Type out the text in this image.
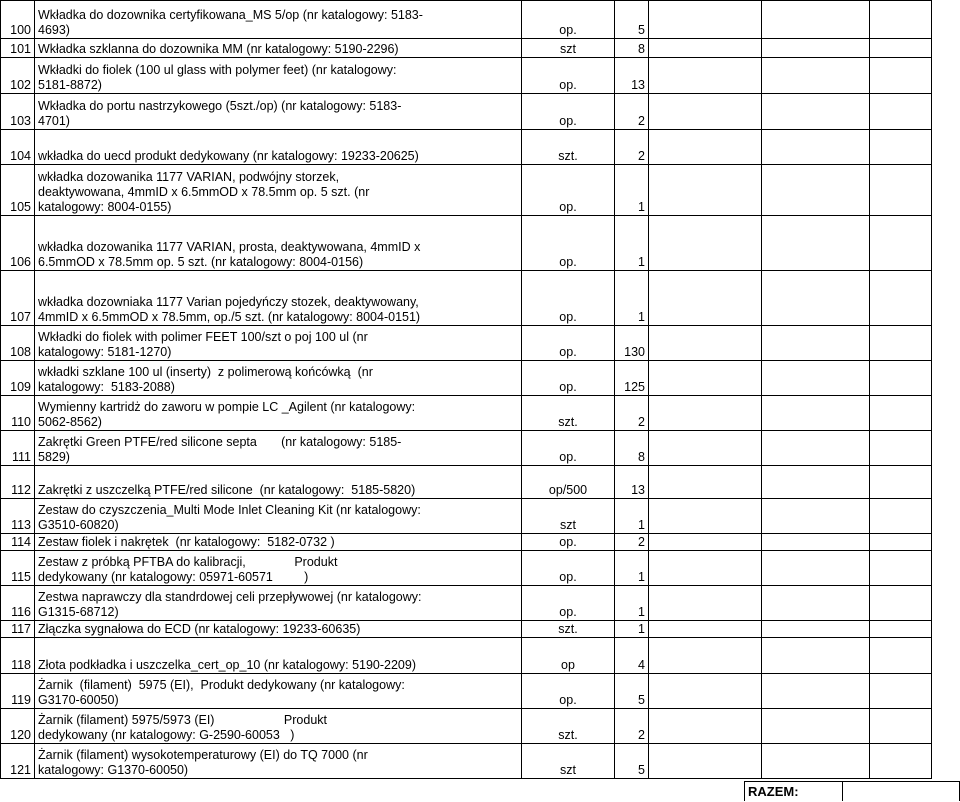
100	Wkładka do dozownika certyfikowana_MS 5/op (nr katalogowy: 5183-
4693)	op.	5			
101	Wkładka szklanna do dozownika MM (nr katalogowy: 5190-2296)	szt	8			
102	Wkładki do fiolek (100 ul glass with polymer feet) (nr katalogowy:
5181-8872)	op.	13			
103	Wkładka do portu nastrzykowego (5szt./op) (nr katalogowy: 5183-
4701)	op.	2			
104	wkładka do uecd produkt dedykowany (nr katalogowy: 19233-20625)	szt.	2			
105	wkładka dozowanika 1177 VARIAN, podwójny storzek,
deaktywowana, 4mmID x 6.5mmOD x 78.5mm op. 5 szt. (nr
katalogowy: 8004-0155)	op.	1			
106	wkładka dozowanika 1177 VARIAN, prosta, deaktywowana, 4mmID x
6.5mmOD x 78.5mm op. 5 szt. (nr katalogowy: 8004-0156)	op.	1			
107	wkładka dozowniaka 1177 Varian pojedyńczy stozek, deaktywowany,
4mmID x 6.5mmOD x 78.5mm, op./5 szt. (nr katalogowy: 8004-0151)	op.	1			
108	Wkładki do fiolek with polimer FEET 100/szt o poj 100 ul (nr
katalogowy: 5181-1270)	op.	130			
109	wkładki szklane 100 ul (inserty)  z polimerową końcówką  (nr
katalogowy:  5183-2088)	op.	125			
110	Wymienny kartridż do zaworu w pompie LC _Agilent (nr katalogowy:
5062-8562)	szt.	2			
111	Zakrętki Green PTFE/red silicone septa       (nr katalogowy: 5185-
5829)	op.	8			
112	Zakrętki z uszczelką PTFE/red silicone  (nr katalogowy:  5185-5820)	op/500	13			
113	Zestaw do czyszczenia_Multi Mode Inlet Cleaning Kit (nr katalogowy:
G3510-60820)	szt	1			
114	Zestaw fiolek i nakrętek  (nr katalogowy:  5182-0732 )	op.	2			
115	Zestaw z próbką PFTBA do kalibracji,              Produkt
dedykowany (nr katalogowy: 05971-60571         )	op.	1			
116	Zestwa naprawczy dla standrdowej celi przepływowej (nr katalogowy:
G1315-68712)	op.	1			
117	Złączka sygnałowa do ECD (nr katalogowy: 19233-60635)	szt.	1			
118	Złota podkładka i uszczelka_cert_op_10 (nr katalogowy: 5190-2209)	op	4			
119	Żarnik  (filament)  5975 (EI),  Produkt dedykowany (nr katalogowy:
G3170-60050)	op.	5			
120	Żarnik (filament) 5975/5973 (EI)                    Produkt
dedykowany (nr katalogowy: G-2590-60053   )	szt.	2			
121	Żarnik (filament) wysokotemperaturowy (EI) do TQ 7000 (nr
katalogowy: G1370-60050)	szt	5			
RAZEM:
